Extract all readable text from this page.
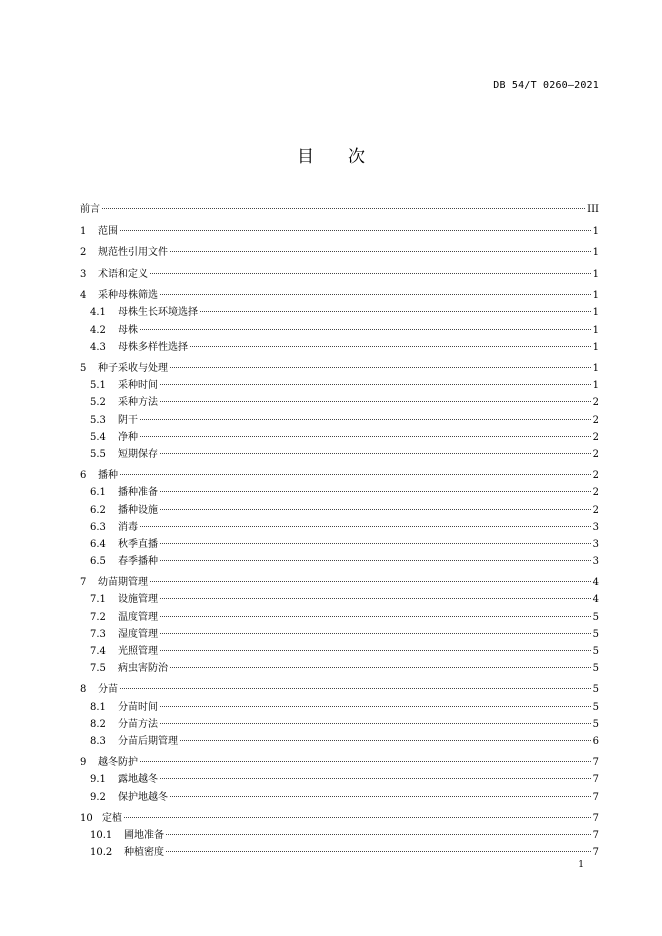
DB 54/T 0260—2021
目次
前言	III
1	范围	1
2	规范性引用文件	1
3	术语和定义	1
4	采种母株筛选	1
4.1	母株生长环境选择	1
4.2	母株	1
4.3	母株多样性选择	1
5	种子采收与处理	1
5.1	采种时间	1
5.2	采种方法	2
5.3	阴干	2
5.4	净种	2
5.5	短期保存	2
6	播种	2
6.1	播种准备	2
6.2	播种设施	2
6.3	消毒	3
6.4	秋季直播	3
6.5	春季播种	3
7	幼苗期管理	4
7.1	设施管理	4
7.2	温度管理	5
7.3	湿度管理	5
7.4	光照管理	5
7.5	病虫害防治	5
8	分苗	5
8.1	分苗时间	5
8.2	分苗方法	5
8.3	分苗后期管理	6
9	越冬防护	7
9.1	露地越冬	7
9.2	保护地越冬	7
10 定植	7
10.1	圃地准备	7
10.2	种植密度	7
1
